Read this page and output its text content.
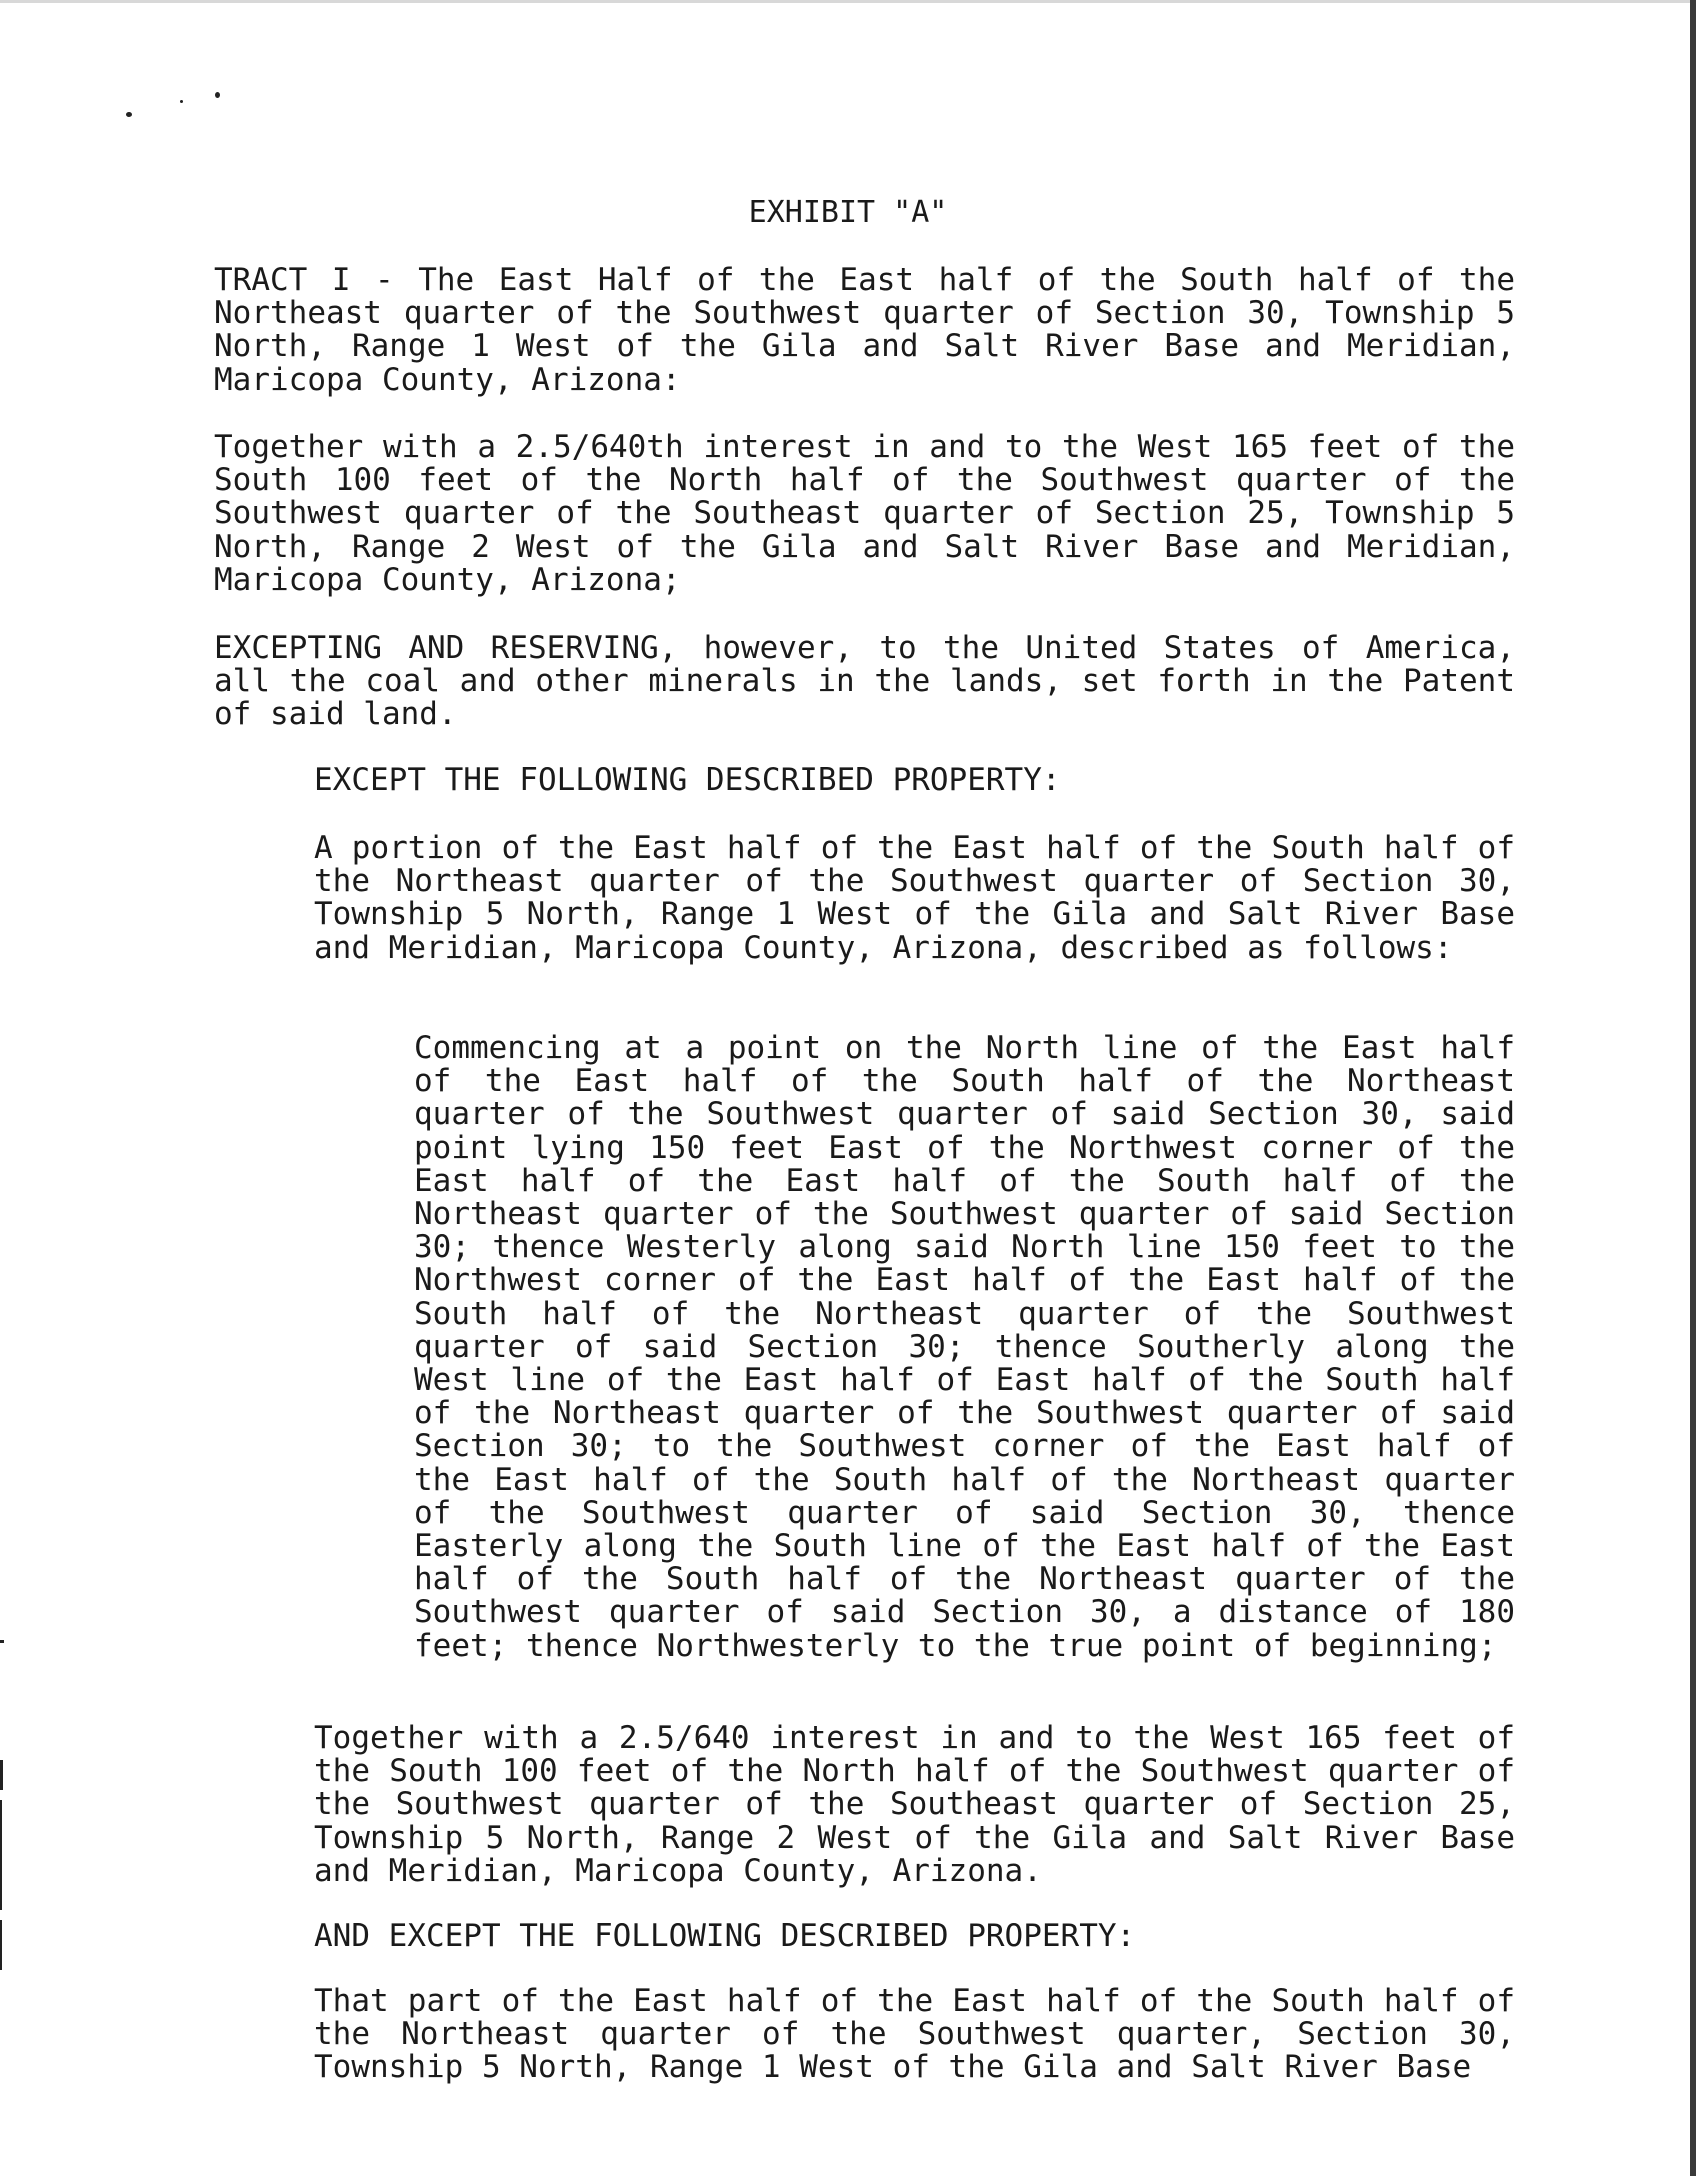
EXHIBIT "A"

TRACT I - The East Half of the East half of the South half of the Northeast quarter of the Southwest quarter of Section 30, Township 5 North, Range 1 West of the Gila and Salt River Base and Meridian, Maricopa County, Arizona:

Together with a 2.5/640th interest in and to the West 165 feet of the South 100 feet of the North half of the Southwest quarter of the Southwest quarter of the Southeast quarter of Section 25, Township 5 North, Range 2 West of the Gila and Salt River Base and Meridian, Maricopa County, Arizona;

EXCEPTING AND RESERVING, however, to the United States of America, all the coal and other minerals in the lands, set forth in the Patent of said land.

EXCEPT THE FOLLOWING DESCRIBED PROPERTY:

A portion of the East half of the East half of the South half of the Northeast quarter of the Southwest quarter of Section 30, Township 5 North, Range 1 West of the Gila and Salt River Base and Meridian, Maricopa County, Arizona, described as follows:

Commencing at a point on the North line of the East half of the East half of the South half of the Northeast quarter of the Southwest quarter of said Section 30, said point lying 150 feet East of the Northwest corner of the East half of the East half of the South half of the Northeast quarter of the Southwest quarter of said Section 30; thence Westerly along said North line 150 feet to the Northwest corner of the East half of the East half of the South half of the Northeast quarter of the Southwest quarter of said Section 30; thence Southerly along the West line of the East half of East half of the South half of the Northeast quarter of the Southwest quarter of said Section 30; to the Southwest corner of the East half of the East half of the South half of the Northeast quarter of the Southwest quarter of said Section 30, thence Easterly along the South line of the East half of the East half of the South half of the Northeast quarter of the Southwest quarter of said Section 30, a distance of 180 feet; thence Northwesterly to the true point of beginning;

Together with a 2.5/640 interest in and to the West 165 feet of the South 100 feet of the North half of the Southwest quarter of the Southwest quarter of the Southeast quarter of Section 25, Township 5 North, Range 2 West of the Gila and Salt River Base and Meridian, Maricopa County, Arizona.

AND EXCEPT THE FOLLOWING DESCRIBED PROPERTY:

That part of the East half of the East half of the South half of the Northeast quarter of the Southwest quarter, Section 30, Township 5 North, Range 1 West of the Gila and Salt River Base
